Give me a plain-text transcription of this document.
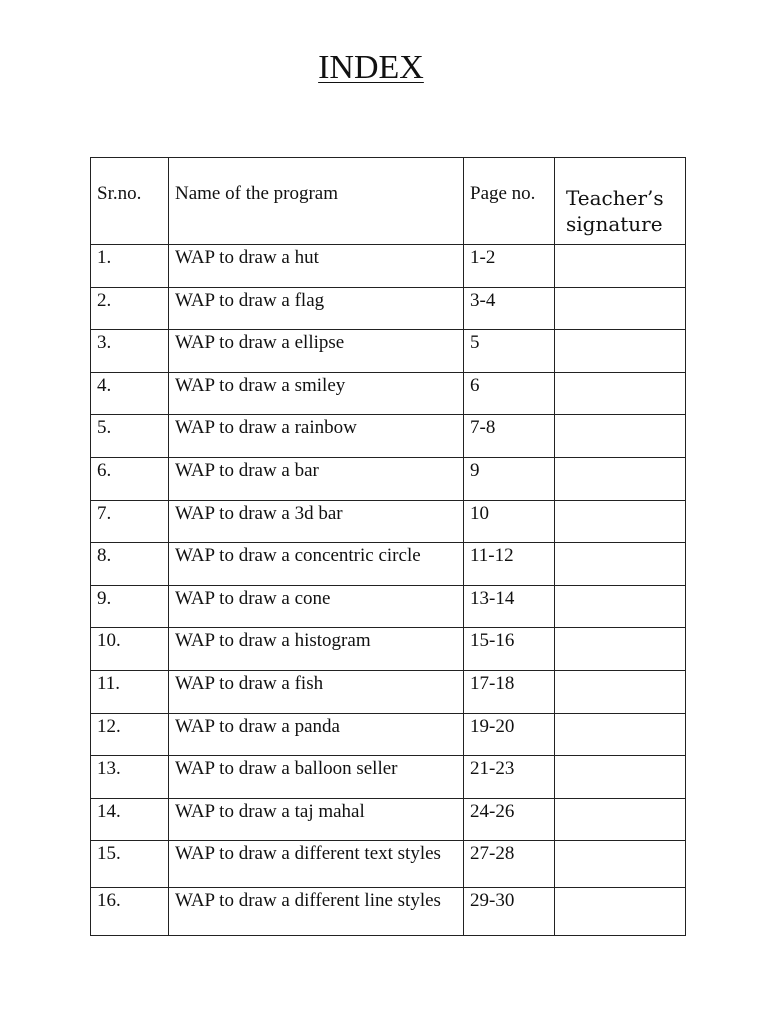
INDEX
Sr.no.	Name of the program	Page no.	Teacher’s signature
1.	WAP to draw a hut	1-2	
2.	WAP to draw a flag	3-4	
3.	WAP to draw a ellipse	5	
4.	WAP to draw a smiley	6	
5.	WAP to draw a rainbow	7-8	
6.	WAP to draw a bar	9	
7.	WAP to draw a 3d bar	10	
8.	WAP to draw a concentric circle	11-12	
9.	WAP to draw a cone	13-14	
10.	WAP to draw a histogram	15-16	
11.	WAP to draw a fish	17-18	
12.	WAP to draw a panda	19-20	
13.	WAP to draw a balloon seller	21-23	
14.	WAP to draw a taj mahal	24-26	
15.	WAP to draw a different text styles	27-28	
16.	WAP to draw a different line styles	29-30	
